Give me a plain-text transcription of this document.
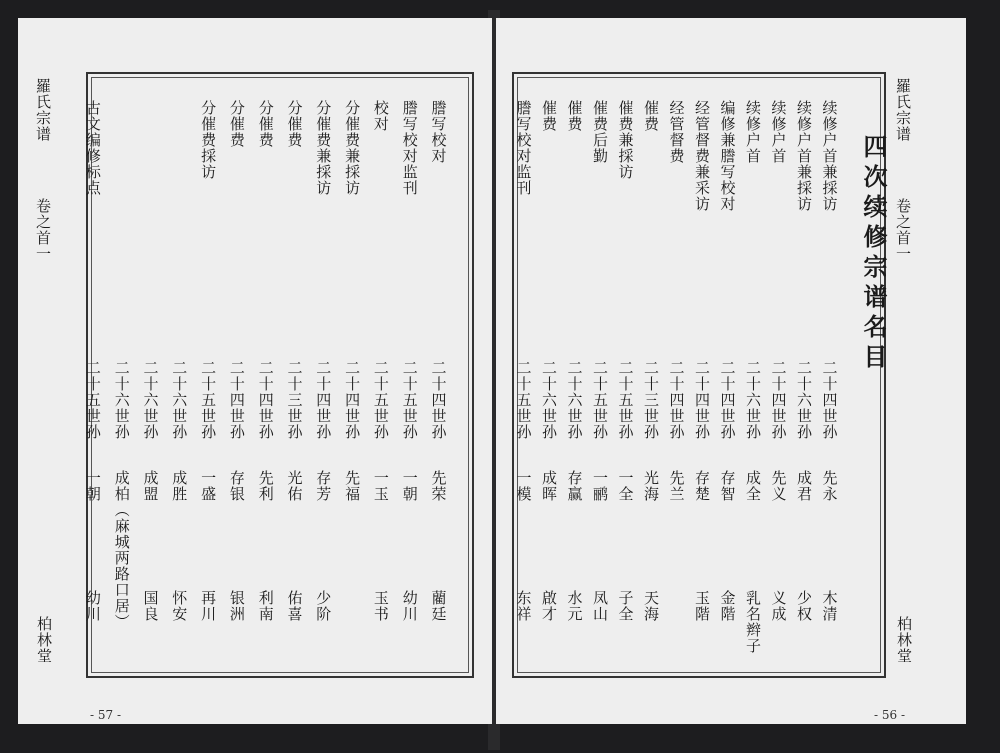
羅氏宗谱
卷之首一
柏林堂
謄写校对
二十四世孙
先荣
藺廷
謄写校对监刊
二十五世孙
一朝
幼川
校对
二十五世孙
一玉
玉书
分催费兼採访
二十四世孙
先福
分催费兼採访
二十四世孙
存芳
少阶
分催费
二十三世孙
光佑
佑喜
分催费
二十四世孙
先利
利南
分催费
二十四世孙
存银
银洲
分催费採访
二十五世孙
一盛
再川
二十六世孙
成胜
怀安
二十六世孙
成盟
国良
二十六世孙
成柏（麻城两路口居）
古文编修标点
二十五世孙
一朝
幼川
- 57 -
四次续修宗谱名目
续修户首兼採访
二十四世孙
先永
木清
续修户首兼採访
二十六世孙
成君
少权
续修户首
二十四世孙
先义
义成
续修户首
二十六世孙
成全
乳名辫子
编修兼謄写校对
二十四世孙
存智
金階
经管督费兼采访
二十四世孙
存楚
玉階
经管督费
二十四世孙
先兰
催费
二十三世孙
光海
天海
催费兼採访
二十五世孙
一全
子全
催费后勤
二十五世孙
一鹂
凤山
催费
二十六世孙
存赢
水元
催费
二十六世孙
成晖
啟才
謄写校对监刊
二十五世孙
一模
东祥
羅氏宗谱
卷之首一
柏林堂
- 56 -
